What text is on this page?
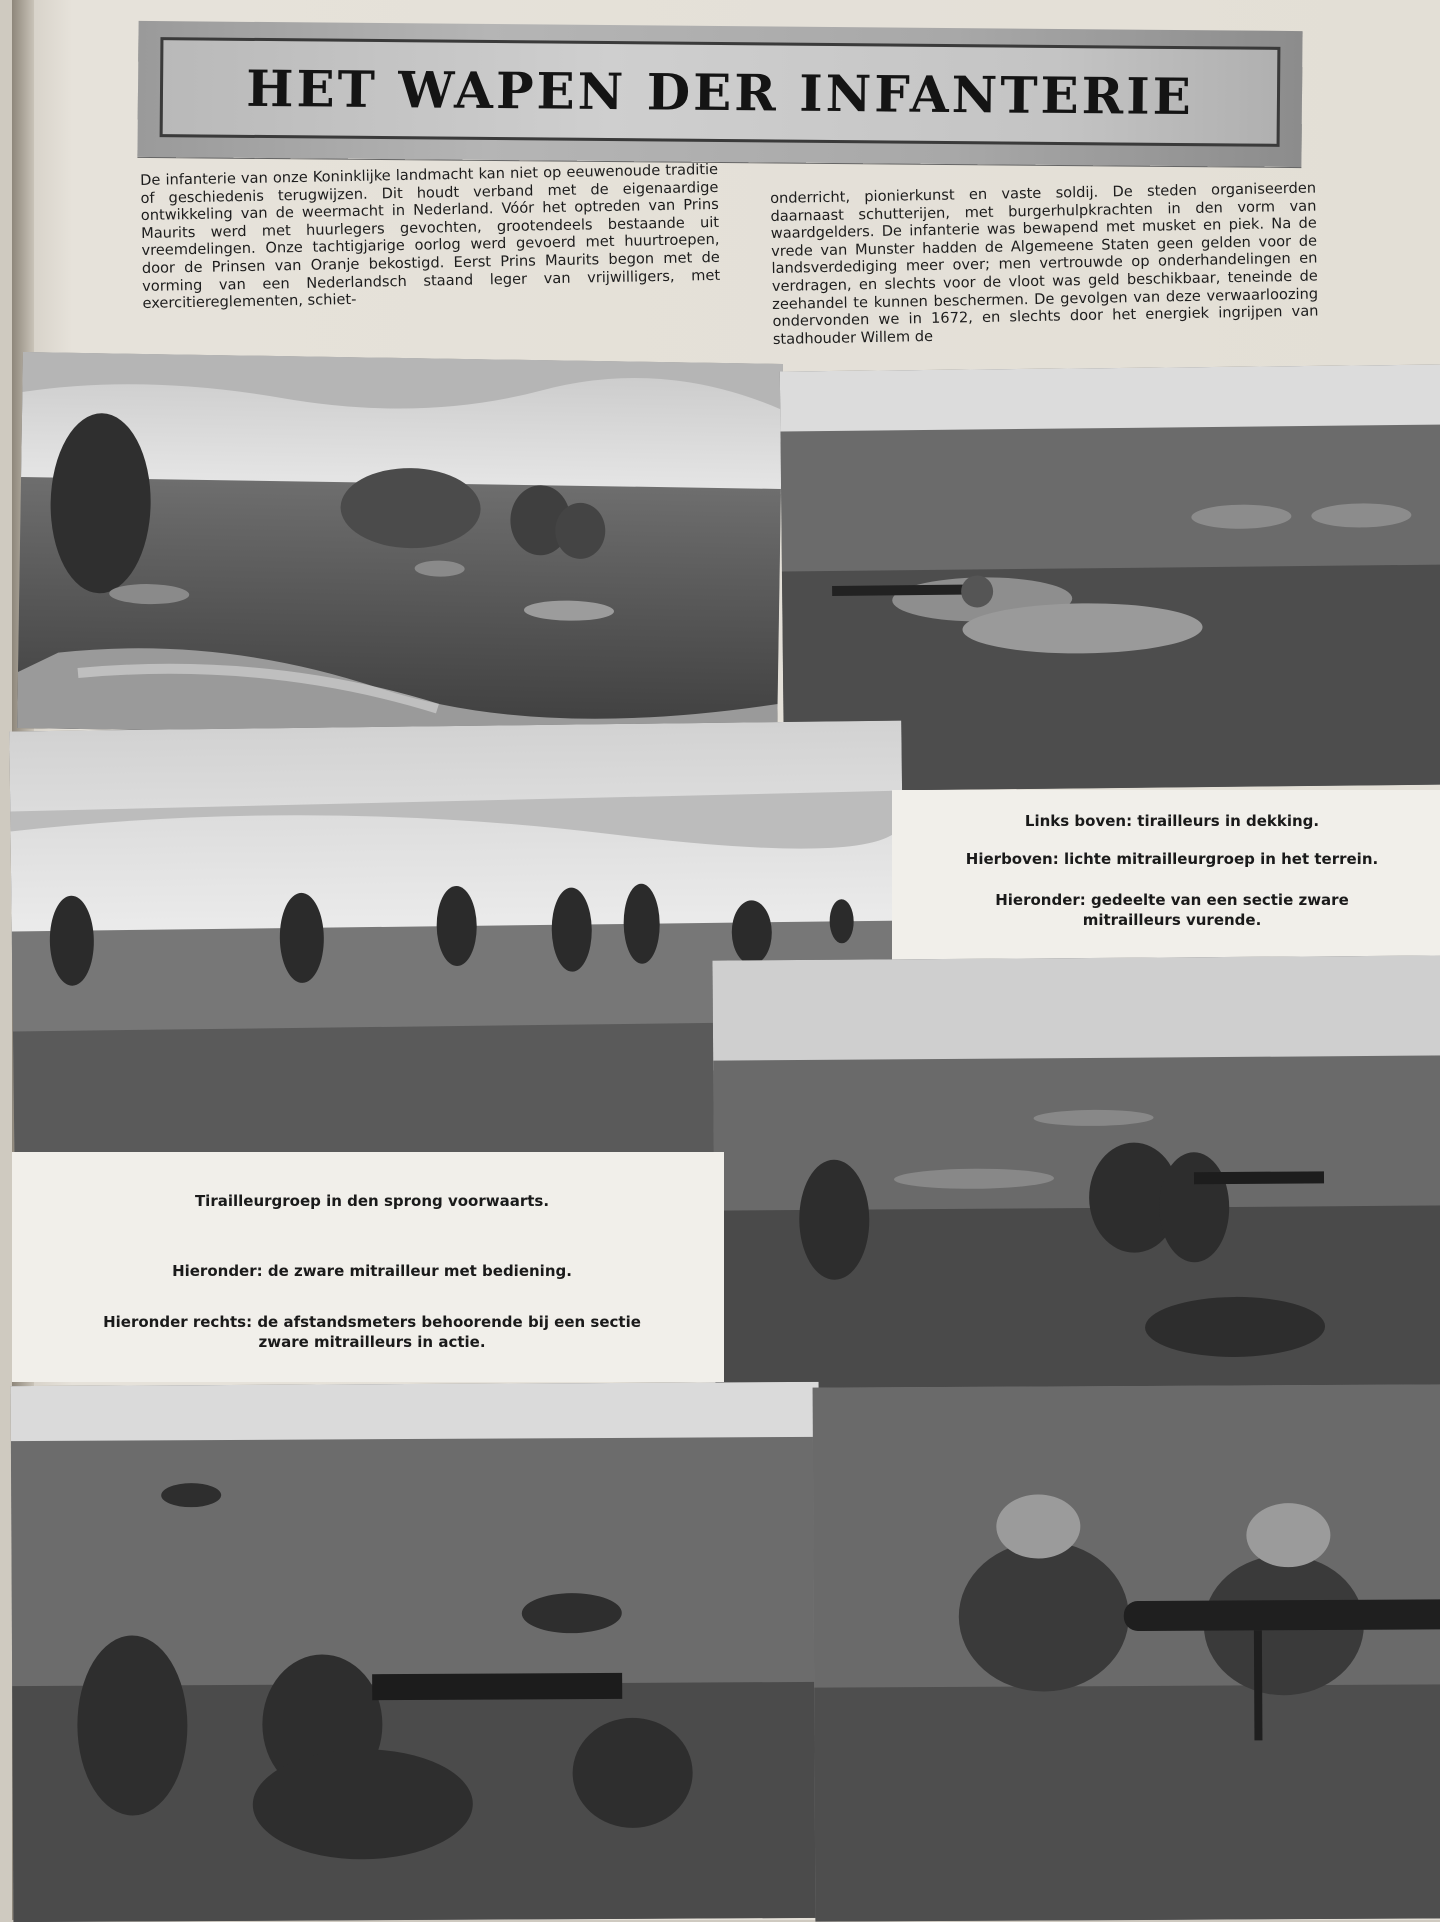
HET WAPEN DER INFANTERIE

De infanterie van onze Koninklijke landmacht kan niet op eeuwenoude traditie of geschiedenis terugwijzen. Dit houdt verband met de eigenaardige ontwikkeling van de weermacht in Nederland. Vóór het optreden van Prins Maurits werd met huurlegers gevochten, grootendeels bestaande uit vreemdelingen. Onze tachtigjarige oorlog werd gevoerd met huurtroepen, door de Prinsen van Oranje bekostigd. Eerst Prins Maurits begon met de vorming van een Nederlandsch staand leger van vrijwilligers, met exercitiereglementen, schiet-

onderricht, pionierkunst en vaste soldij. De steden organiseerden daarnaast schutterijen, met burgerhulpkrachten in den vorm van waardgelders. De infanterie was bewapend met musket en piek. Na de vrede van Munster hadden de Algemeene Staten geen gelden voor de landsverdediging meer over; men vertrouwde op onderhandelingen en verdragen, en slechts voor de vloot was geld beschikbaar, teneinde de zeehandel te kunnen beschermen. De gevolgen van deze verwaarloozing ondervonden we in 1672, en slechts door het energiek ingrijpen van stadhouder Willem de

Links boven: tirailleurs in dekking.

Hierboven: lichte mitrailleurgroep in het terrein.

Hieronder: gedeelte van een sectie zware mitrailleurs vurende.

Tirailleurgroep in den sprong voorwaarts.

Hieronder: de zware mitrailleur met bediening.

Hieronder rechts: de afstandsmeters behoorende bij een sectie zware mitrailleurs in actie.
